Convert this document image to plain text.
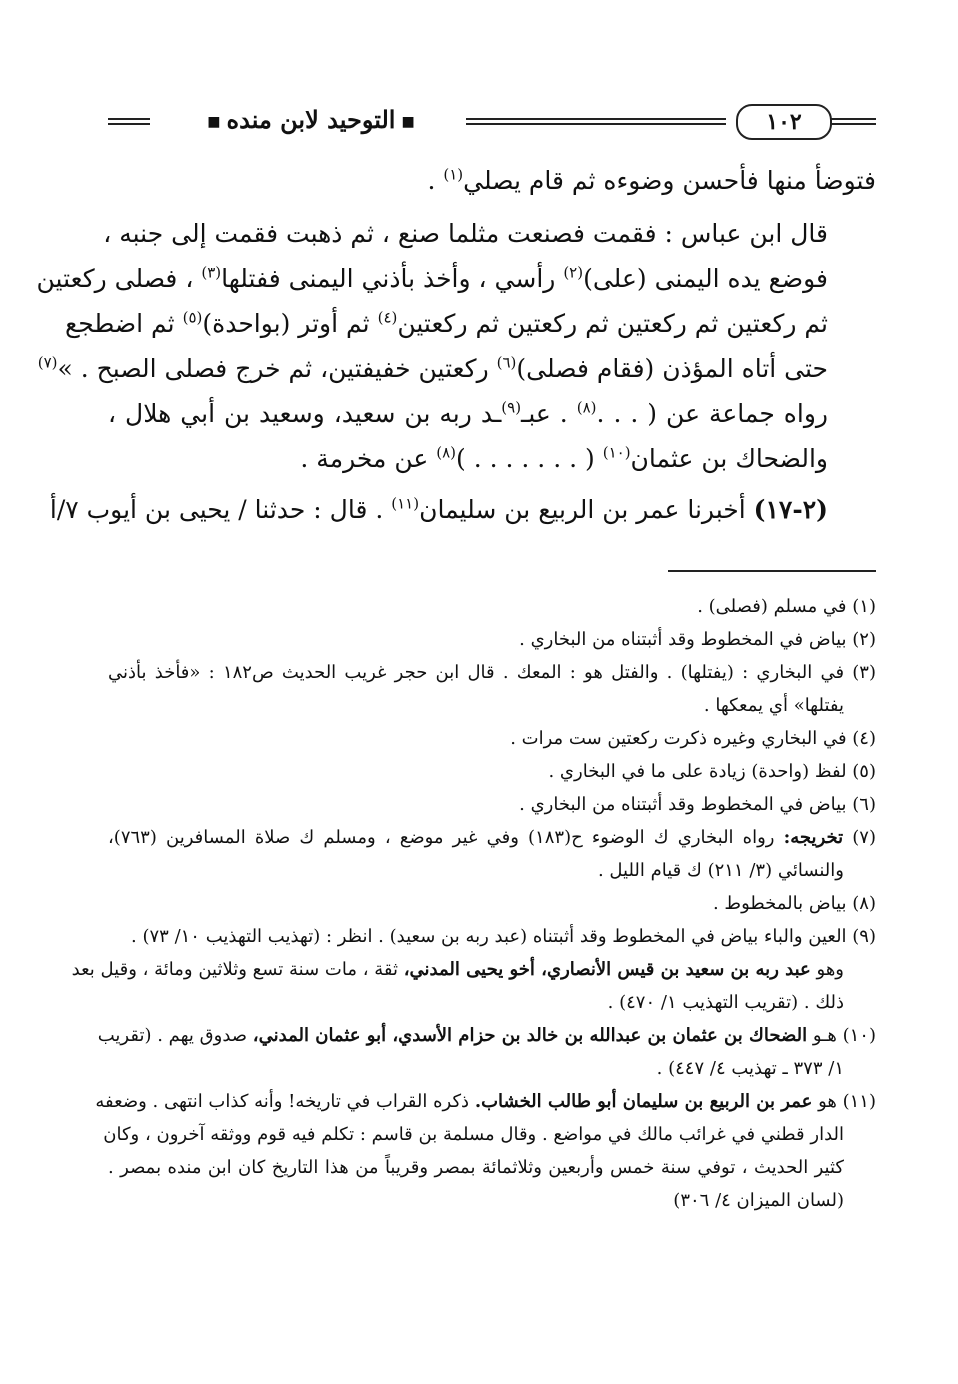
١٠٢
■التوحيد لابن منده■

فتوضأ منها فأحسن وضوءه ثم قام يصلي$^{(١)}$ .

قال ابن عباس : فقمت فصنعت مثلما صنع ، ثم ذهبت فقمت إلى جنبه ،
فوضع يده اليمنى (على)$^{(٢)}$ رأسي ، وأخذ بأذني اليمنى ففتلها$^{(٣)}$ ، فصلى ركعتين
ثم ركعتين ثم ركعتين ثم ركعتين ثم ركعتين$^{(٤)}$ ثم أوتر (بواحدة)$^{(٥)}$ ثم اضطجع
حتى أتاه المؤذن (فقام فصلى)$^{(٦)}$ ركعتين خفيفتين، ثم خرج فصلى الصبح . »$^{(٧)}$
رواه جماعة عن ( . . .$^{(٨)}$ . عبـ$^{(٩)}$ـد ربه بن سعيد، وسعيد بن أبي هلال ،
والضحاك بن عثمان$^{(١٠)}$ ( . . . . . . . )$^{(٨)}$ عن مخرمة .

(٢-١٧) أخبرنا عمر بن الربيع بن سليمان$^{(١١)}$ . قال : حدثنا / يحيى بن أيوب ٧/أ

(١) في مسلم (فصلى) .
(٢) بياض في المخطوط وقد أثبتناه من البخاري .
(٣) في البخاري : (يفتلها) . والفتل هو : المعك . قال ابن حجر غريب الحديث ص١٨٢ : «فأخذ بأذني
يفتلها» أي يمعكها .
(٤) في البخاري وغيره ذكرت ركعتين ست مرات .
(٥) لفظ (واحدة) زيادة على ما في البخاري .
(٦) بياض في المخطوط وقد أثبتناه من البخاري .
(٧) تخريجه: رواه البخاري ك الوضوء ح(١٨٣) وفي غير موضع ، ومسلم ك صلاة المسافرين (٧٦٣)،
والنسائي (٣/ ٢١١) ك قيام الليل .
(٨) بياض بالمخطوط .
(٩) العين والباء بياض في المخطوط وقد أثبتناه (عبد ربه بن سعيد) . انظر : (تهذيب التهذيب ١٠/ ٧٣) .
وهو عبد ربه بن سعيد بن قيس الأنصاري، أخو يحيى المدني، ثقة ، مات سنة تسع وثلاثين ومائة ، وقيل بعد
ذلك . (تقريب التهذيب ١/ ٤٧٠) .
(١٠) هـو الضحاك بن عثمان بن عبدالله بن خالد بن حزام الأسدي، أبو عثمان المدني، صدوق يهم . (تقريب
١/ ٣٧٣ ـ تهذيب ٤/ ٤٤٧) .
(١١) هو عمر بن الربيع بن سليمان أبو طالب الخشاب. ذكره القراب في تاريخه! وأنه كذاب انتهى . وضعفه
الدار قطني في غرائب مالك في مواضع . وقال مسلمة بن قاسم : تكلم فيه قوم ووثقه آخرون ، وكان
كثير الحديث ، توفي سنة خمس وأربعين وثلاثمائة بمصر وقريباً من هذا التاريخ كان ابن منده بمصر .
(لسان الميزان ٤/ ٣٠٦)
